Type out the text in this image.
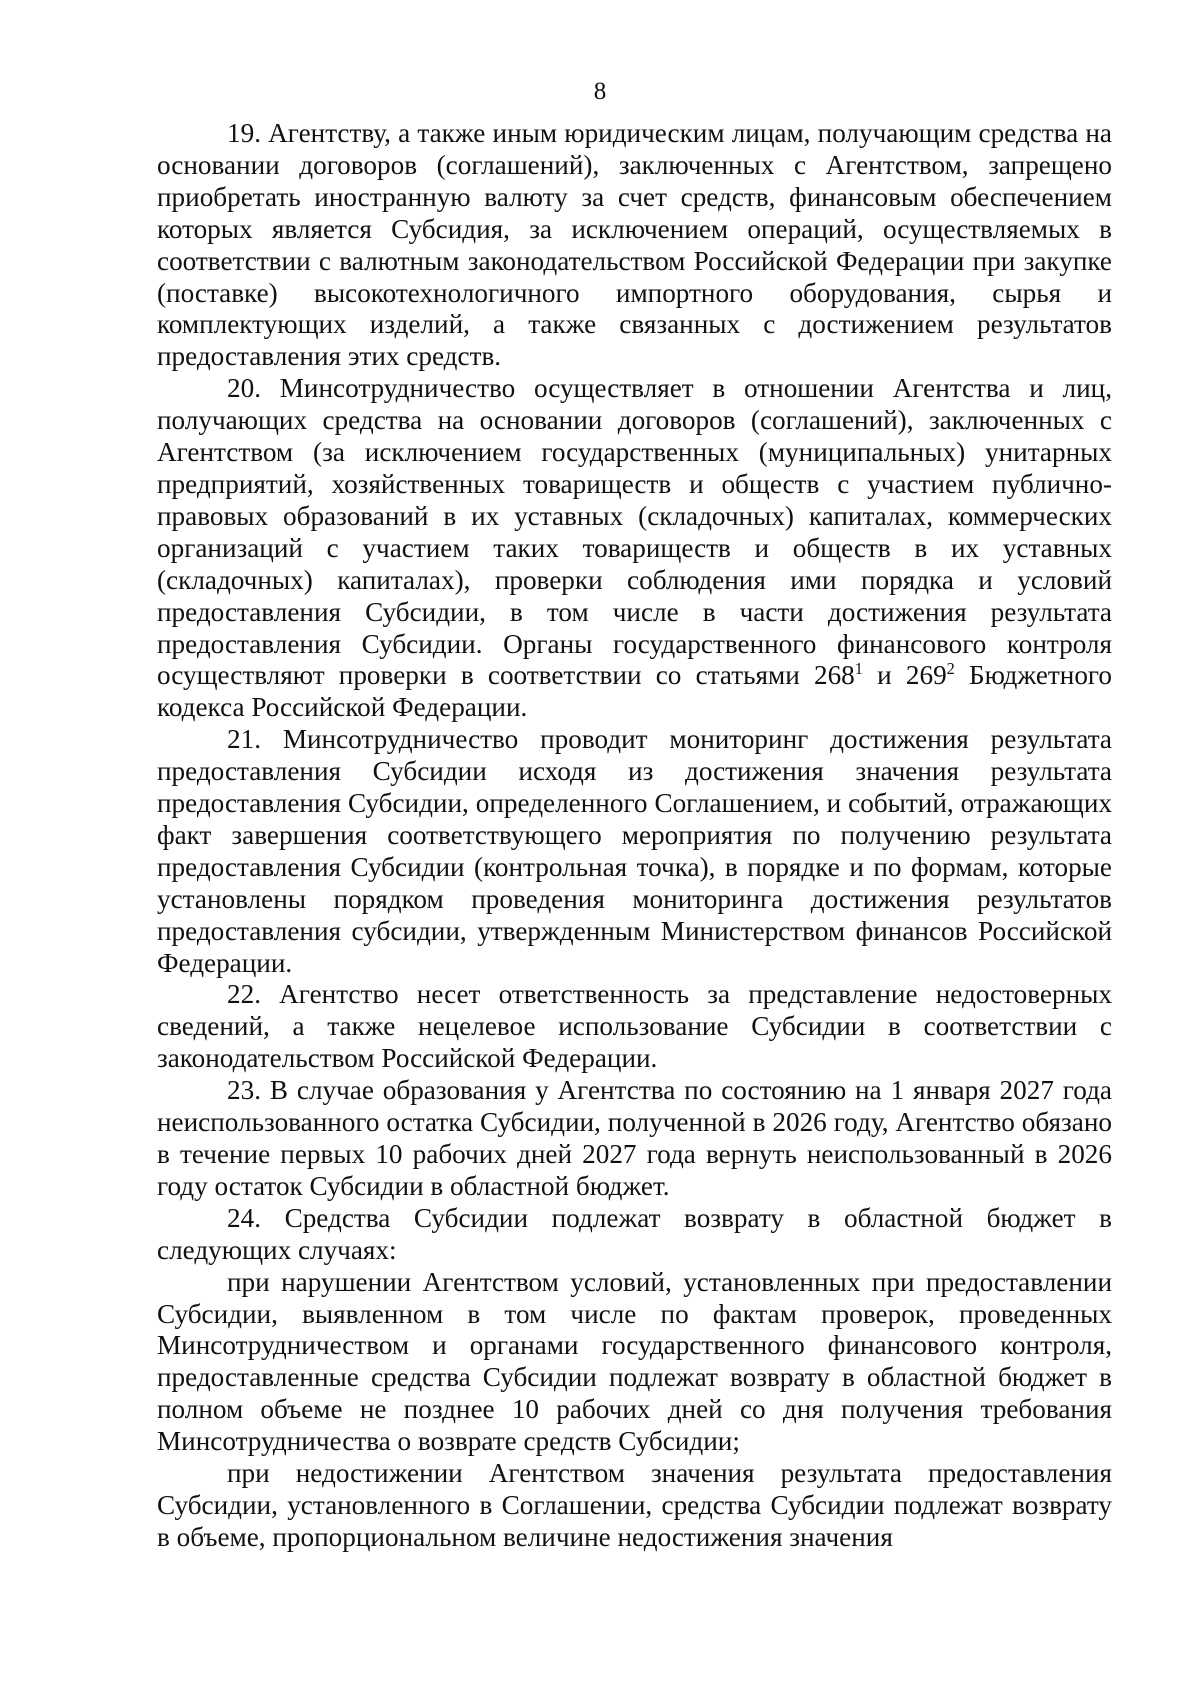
8

19. Агентству, а также иным юридическим лицам, получающим средства на основании договоров (соглашений), заключенных с Агентством, запрещено приобретать иностранную валюту за счет средств, финансовым обеспечением которых является Субсидия, за исключением операций, осуществляемых в соответствии с валютным законодательством Российской Федерации при закупке (поставке) высокотехнологичного импортного оборудования, сырья и комплектующих изделий, а также связанных с достижением результатов предоставления этих средств.

20. Минсотрудничество осуществляет в отношении Агентства и лиц, получающих средства на основании договоров (соглашений), заключенных с Агентством (за исключением государственных (муниципальных) унитарных предприятий, хозяйственных товариществ и обществ с участием публично-правовых образований в их уставных (складочных) капиталах, коммерческих организаций с участием таких товариществ и обществ в их уставных (складочных) капиталах), проверки соблюдения ими порядка и условий предоставления Субсидии, в том числе в части достижения результата предоставления Субсидии. Органы государственного финансового контроля осуществляют проверки в соответствии со статьями $268^1$ и $269^2$ Бюджетного кодекса Российской Федерации.

21. Минсотрудничество проводит мониторинг достижения результата предоставления Субсидии исходя из достижения значения результата предоставления Субсидии, определенного Соглашением, и событий, отражающих факт завершения соответствующего мероприятия по получению результата предоставления Субсидии (контрольная точка), в порядке и по формам, которые установлены порядком проведения мониторинга достижения результатов предоставления субсидии, утвержденным Министерством финансов Российской Федерации.

22. Агентство несет ответственность за представление недостоверных сведений, а также нецелевое использование Субсидии в соответствии с законодательством Российской Федерации.

23. В случае образования у Агентства по состоянию на 1 января 2027 года неиспользованного остатка Субсидии, полученной в 2026 году, Агентство обязано в течение первых 10 рабочих дней 2027 года вернуть неиспользованный в 2026 году остаток Субсидии в областной бюджет.

24. Средства Субсидии подлежат возврату в областной бюджет в следующих случаях:

при нарушении Агентством условий, установленных при предоставлении Субсидии, выявленном в том числе по фактам проверок, проведенных Минсотрудничеством и органами государственного финансового контроля, предоставленные средства Субсидии подлежат возврату в областной бюджет в полном объеме не позднее 10 рабочих дней со дня получения требования Минсотрудничества о возврате средств Субсидии;

при недостижении Агентством значения результата предоставления Субсидии, установленного в Соглашении, средства Субсидии подлежат возврату в объеме, пропорциональном величине недостижения значения
